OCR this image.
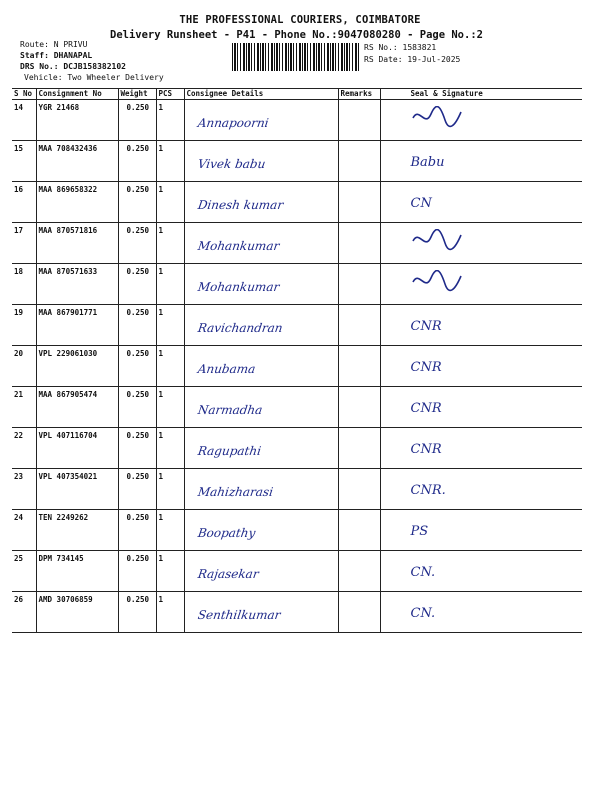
THE PROFESSIONAL COURIERS, COIMBATORE
Delivery Runsheet - P41 - Phone No.:9047080280 - Page No.:2
Route: N PRIVU
Staff: DHANAPAL
DRS No.: DCJB158382102
Vehicle: Two Wheeler Delivery
RS No.: 1583821
RS Date: 19-Jul-2025
S No	Consignment No	Weight	PCS	Consignee Details	Remarks	Seal & Signature

14	YGR 21468	0.250	1	Annapoorni

15	MAA 708432436	0.250	1	Vivek babu		Babu

16	MAA 869658322	0.250	1	Dinesh kumar		CN

17	MAA 870571816	0.250	1	Mohankumar

18	MAA 870571633	0.250	1	Mohankumar

19	MAA 867901771	0.250	1	Ravichandran		CNR

20	VPL 229061030	0.250	1	Anubama		CNR

21	MAA 867905474	0.250	1	Narmadha		CNR

22	VPL 407116704	0.250	1	Ragupathi		CNR

23	VPL 407354021	0.250	1	Mahizharasi		CNR.

24	TEN 2249262	0.250	1	Boopathy		PS

25	DPM 734145	0.250	1	Rajasekar		CN.

26	AMD 30706859	0.250	1	Senthilkumar		CN.
